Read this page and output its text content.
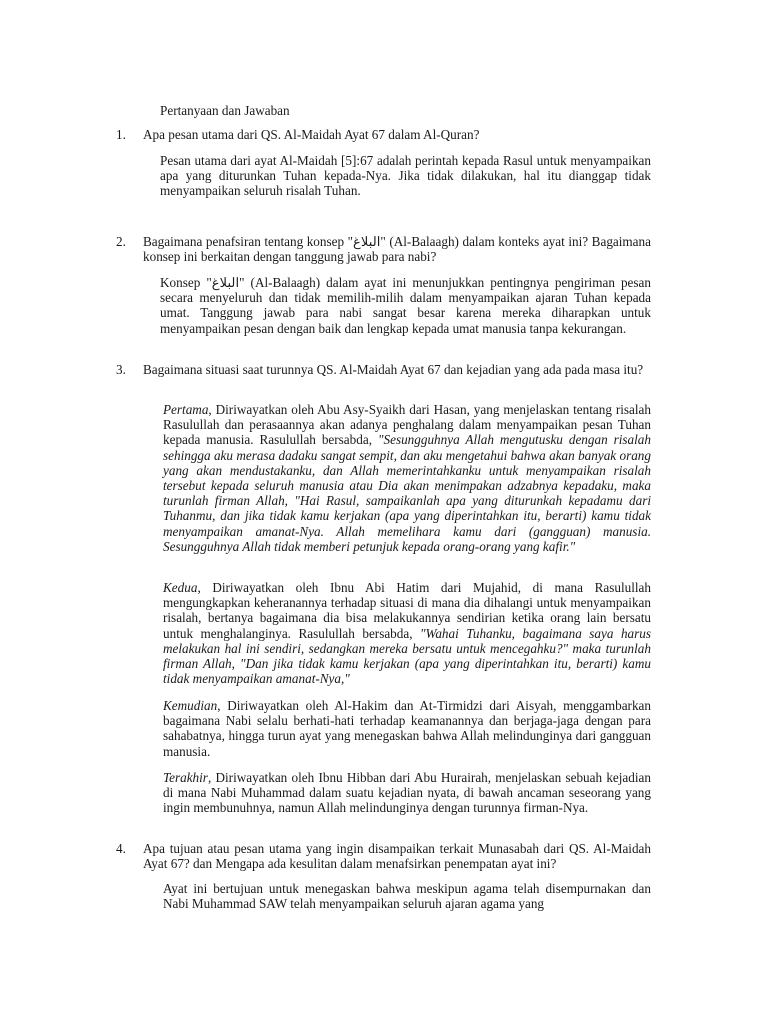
Pertanyaan dan Jawaban
1.	Apa pesan utama dari QS. Al-Maidah Ayat 67 dalam Al-Quran?
Pesan utama dari ayat Al-Maidah [5]:67 adalah perintah kepada Rasul untuk menyampaikan apa yang diturunkan Tuhan kepada-Nya. Jika tidak dilakukan, hal itu dianggap tidak menyampaikan seluruh risalah Tuhan.
2.	Bagaimana penafsiran tentang konsep "البلاغ" (Al-Balaagh) dalam konteks ayat ini? Bagaimana konsep ini berkaitan dengan tanggung jawab para nabi?
Konsep "البلاغ" (Al-Balaagh) dalam ayat ini menunjukkan pentingnya pengiriman pesan secara menyeluruh dan tidak memilih-milih dalam menyampaikan ajaran Tuhan kepada umat. Tanggung jawab para nabi sangat besar karena mereka diharapkan untuk menyampaikan pesan dengan baik dan lengkap kepada umat manusia tanpa kekurangan.
3.	Bagaimana situasi saat turunnya QS. Al-Maidah Ayat 67 dan kejadian yang ada pada masa itu?
Pertama, Diriwayatkan oleh Abu Asy-Syaikh dari Hasan, yang menjelaskan tentang risalah Rasulullah dan perasaannya akan adanya penghalang dalam menyampaikan pesan Tuhan kepada manusia. Rasulullah bersabda, "Sesungguhnya Allah mengutusku dengan risalah sehingga aku merasa dadaku sangat sempit, dan aku mengetahui bahwa akan banyak orang yang akan mendustakanku, dan Allah memerintahkanku untuk menyampaikan risalah tersebut kepada seluruh manusia atau Dia akan menimpakan adzabnya kepadaku, maka turunlah firman Allah, "Hai Rasul, sampaikanlah apa yang diturunkah kepadamu dari Tuhanmu, dan jika tidak kamu kerjakan (apa yang diperintahkan itu, berarti) kamu tidak menyampaikan amanat-Nya. Allah memelihara kamu dari (gangguan) manusia. Sesungguhnya Allah tidak memberi petunjuk kepada orang-orang yang kafir."
Kedua, Diriwayatkan oleh Ibnu Abi Hatim dari Mujahid, di mana Rasulullah mengungkapkan keheranannya terhadap situasi di mana dia dihalangi untuk menyampaikan risalah, bertanya bagaimana dia bisa melakukannya sendirian ketika orang lain bersatu untuk menghalanginya. Rasulullah bersabda, "Wahai Tuhanku, bagaimana saya harus melakukan hal ini sendiri, sedangkan mereka bersatu untuk mencegahku?" maka turunlah firman Allah, "Dan jika tidak kamu kerjakan (apa yang diperintahkan itu, berarti) kamu tidak menyampaikan amanat-Nya,"
Kemudian, Diriwayatkan oleh Al-Hakim dan At-Tirmidzi dari Aisyah, menggambarkan bagaimana Nabi selalu berhati-hati terhadap keamanannya dan berjaga-jaga dengan para sahabatnya, hingga turun ayat yang menegaskan bahwa Allah melindunginya dari gangguan manusia.
Terakhir, Diriwayatkan oleh Ibnu Hibban dari Abu Hurairah, menjelaskan sebuah kejadian di mana Nabi Muhammad dalam suatu kejadian nyata, di bawah ancaman seseorang yang ingin membunuhnya, namun Allah melindunginya dengan turunnya firman-Nya.
4.	Apa tujuan atau pesan utama yang ingin disampaikan terkait Munasabah dari QS. Al-Maidah Ayat 67? dan Mengapa ada kesulitan dalam menafsirkan penempatan ayat ini?
Ayat ini bertujuan untuk menegaskan bahwa meskipun agama telah disempurnakan dan Nabi Muhammad SAW telah menyampaikan seluruh ajaran agama yang
